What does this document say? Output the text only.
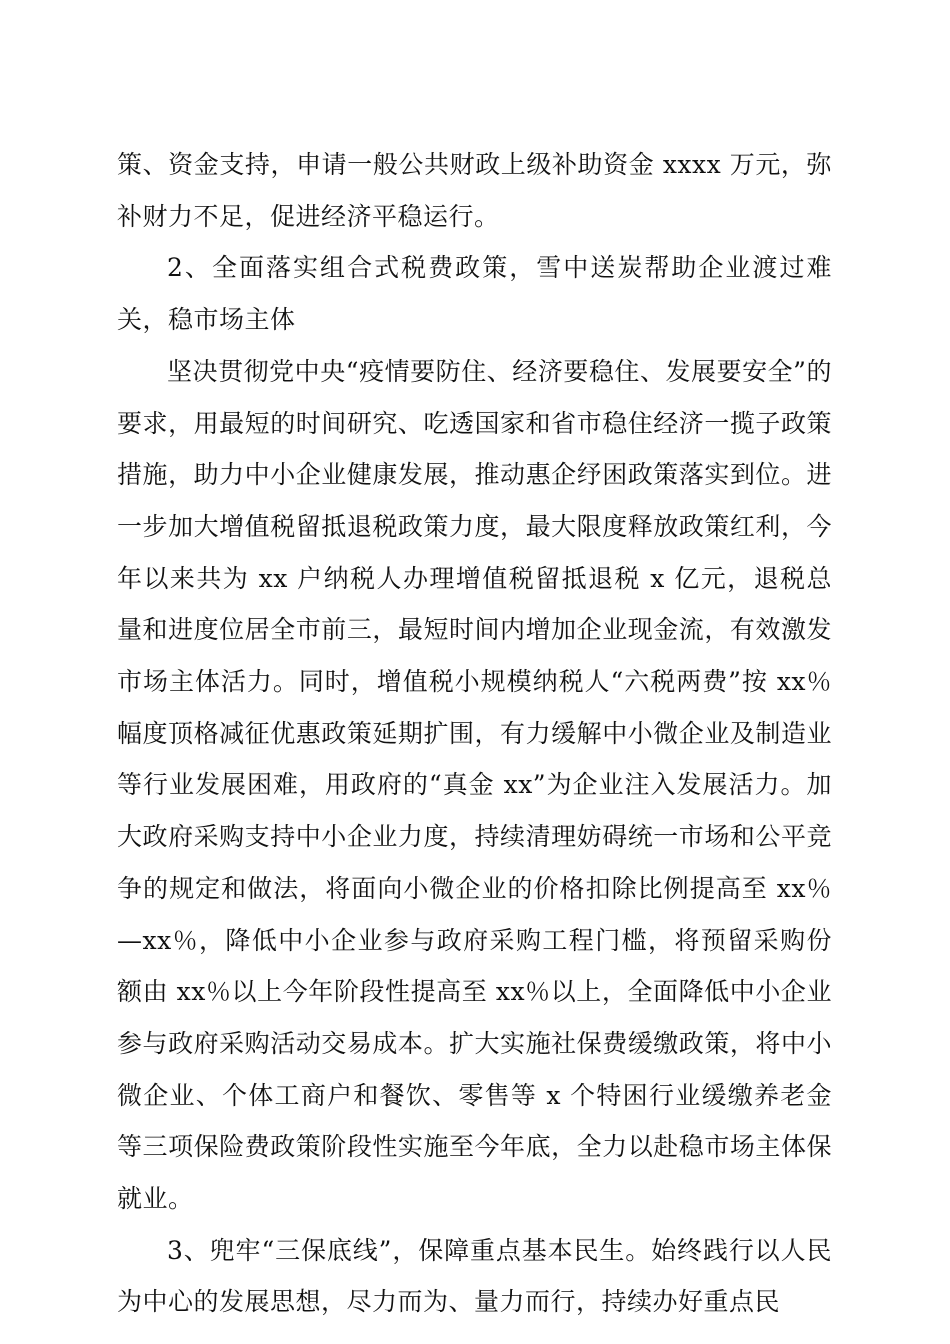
策、资金支持，申请一般公共财政上级补助资金 xxxx 万元，弥补财力不足，促进经济平稳运行。

2、全面落实组合式税费政策，雪中送炭帮助企业渡过难关，稳市场主体

坚决贯彻党中央“疫情要防住、经济要稳住、发展要安全”的要求，用最短的时间研究、吃透国家和省市稳住经济一揽子政策措施，助力中小企业健康发展，推动惠企纾困政策落实到位。进一步加大增值税留抵退税政策力度，最大限度释放政策红利，今年以来共为 xx 户纳税人办理增值税留抵退税 x 亿元，退税总量和进度位居全市前三，最短时间内增加企业现金流，有效激发市场主体活力。同时，增值税小规模纳税人“六税两费”按 xx％幅度顶格减征优惠政策延期扩围，有力缓解中小微企业及制造业等行业发展困难，用政府的“真金 xx”为企业注入发展活力。加大政府采购支持中小企业力度，持续清理妨碍统一市场和公平竞争的规定和做法，将面向小微企业的价格扣除比例提高至 xx％—xx％，降低中小企业参与政府采购工程门槛，将预留采购份额由 xx％以上今年阶段性提高至 xx％以上，全面降低中小企业参与政府采购活动交易成本。扩大实施社保费缓缴政策，将中小微企业、个体工商户和餐饮、零售等 x 个特困行业缓缴养老金等三项保险费政策阶段性实施至今年底，全力以赴稳市场主体保就业。

3、兜牢“三保底线”，保障重点基本民生。始终践行以人民为中心的发展思想，尽力而为、量力而行，持续办好重点民
